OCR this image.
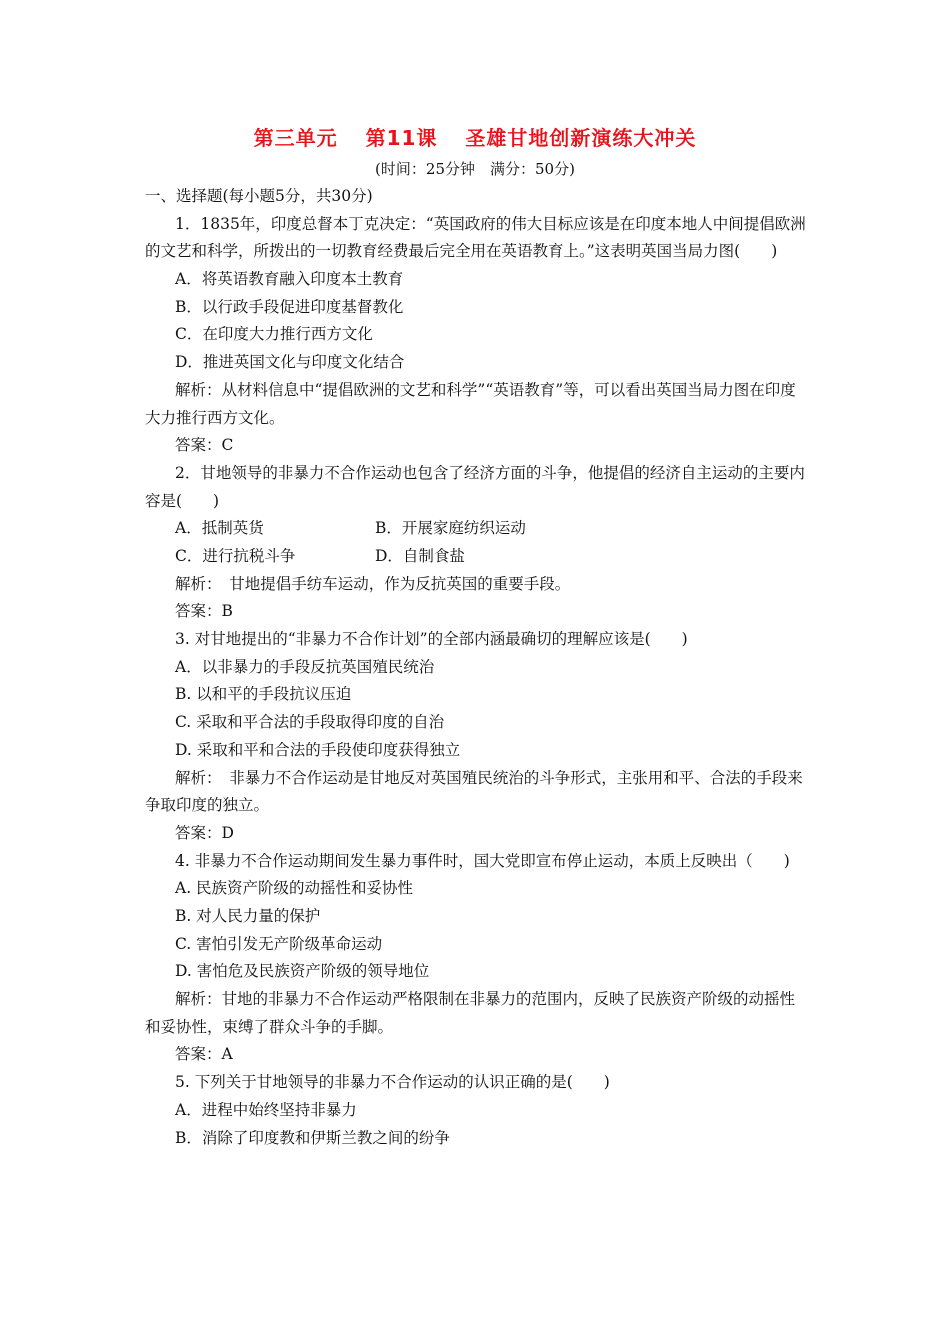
第三单元 第11课 圣雄甘地创新演练大冲关
(时间：25分钟　满分：50分)
一、选择题(每小题5分，共30分)
1．1835年，印度总督本丁克决定：“英国政府的伟大目标应该是在印度本地人中间提倡欧洲的文艺和科学，所拨出的一切教育经费最后完全用在英语教育上。”这表明英国当局力图(　　)
A．将英语教育融入印度本土教育
B．以行政手段促进印度基督教化
C．在印度大力推行西方文化
D．推进英国文化与印度文化结合
解析：从材料信息中“提倡欧洲的文艺和科学”“英语教育”等，可以看出英国当局力图在印度大力推行西方文化。
答案：C
2．甘地领导的非暴力不合作运动也包含了经济方面的斗争，他提倡的经济自主运动的主要内容是(　　)
A．抵制英货	B．开展家庭纺织运动
C．进行抗税斗争	D．自制食盐
解析：　甘地提倡手纺车运动，作为反抗英国的重要手段。
答案：B
3. 对甘地提出的“非暴力不合作计划”的全部内涵最确切的理解应该是(　　)
A．以非暴力的手段反抗英国殖民统治
B. 以和平的手段抗议压迫
C. 采取和平合法的手段取得印度的自治
D. 采取和平和合法的手段使印度获得独立
解析：　非暴力不合作运动是甘地反对英国殖民统治的斗争形式，主张用和平、合法的手段来争取印度的独立。
答案：D
4. 非暴力不合作运动期间发生暴力事件时，国大党即宣布停止运动，本质上反映出（　　)
A. 民族资产阶级的动摇性和妥协性
B. 对人民力量的保护
C. 害怕引发无产阶级革命运动
D. 害怕危及民族资产阶级的领导地位
解析：甘地的非暴力不合作运动严格限制在非暴力的范围内，反映了民族资产阶级的动摇性和妥协性，束缚了群众斗争的手脚。
答案：A
5. 下列关于甘地领导的非暴力不合作运动的认识正确的是(　　)
A．进程中始终坚持非暴力
B．消除了印度教和伊斯兰教之间的纷争
